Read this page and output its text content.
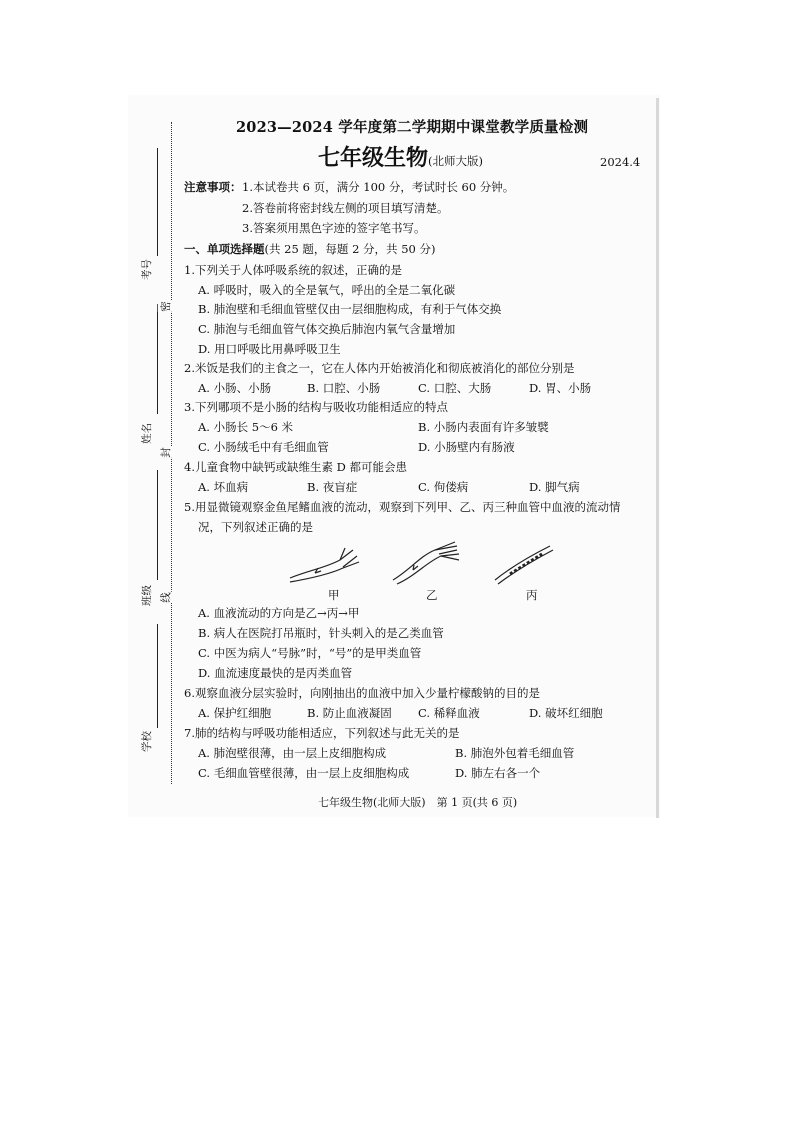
考号
姓名
班级
学校
密
封
线
2023—2024 学年度第二学期期中课堂教学质量检测
七年级生物(北师大版)	2024.4
注意事项： 1.本试卷共 6 页，满分 100 分，考试时长 60 分钟。
2.答卷前将密封线左侧的项目填写清楚。
3.答案须用黑色字迹的签字笔书写。
一、单项选择题(共 25 题，每题 2 分，共 50 分)
1.下列关于人体呼吸系统的叙述，正确的是
A. 呼吸时，吸入的全是氧气，呼出的全是二氧化碳
B. 肺泡壁和毛细血管壁仅由一层细胞构成，有利于气体交换
C. 肺泡与毛细血管气体交换后肺泡内氧气含量增加
D. 用口呼吸比用鼻呼吸卫生
2.米饭是我们的主食之一，它在人体内开始被消化和彻底被消化的部位分别是
A. 小肠、小肠	B. 口腔、小肠	C. 口腔、大肠	D. 胃、小肠
3.下列哪项不是小肠的结构与吸收功能相适应的特点
A. 小肠长 5～6 米	B. 小肠内表面有许多皱襞
C. 小肠绒毛中有毛细血管	D. 小肠壁内有肠液
4.儿童食物中缺钙或缺维生素 D 都可能会患
A. 坏血病	B. 夜盲症	C. 佝偻病	D. 脚气病
5.用显微镜观察金鱼尾鳍血液的流动，观察到下列甲、乙、丙三种血管中血液的流动情
况，下列叙述正确的是
甲	乙	丙
A. 血液流动的方向是乙→丙→甲
B. 病人在医院打吊瓶时，针头刺入的是乙类血管
C. 中医为病人“号脉”时，“号”的是甲类血管
D. 血流速度最快的是丙类血管
6.观察血液分层实验时，向刚抽出的血液中加入少量柠檬酸钠的目的是
A. 保护红细胞	B. 防止血液凝固 C. 稀释血液	D. 破坏红细胞
7.肺的结构与呼吸功能相适应，下列叙述与此无关的是
A. 肺泡壁很薄，由一层上皮细胞构成	B. 肺泡外包着毛细血管
C. 毛细血管壁很薄，由一层上皮细胞构成	D. 肺左右各一个
七年级生物(北师大版)　第 1 页(共 6 页)
